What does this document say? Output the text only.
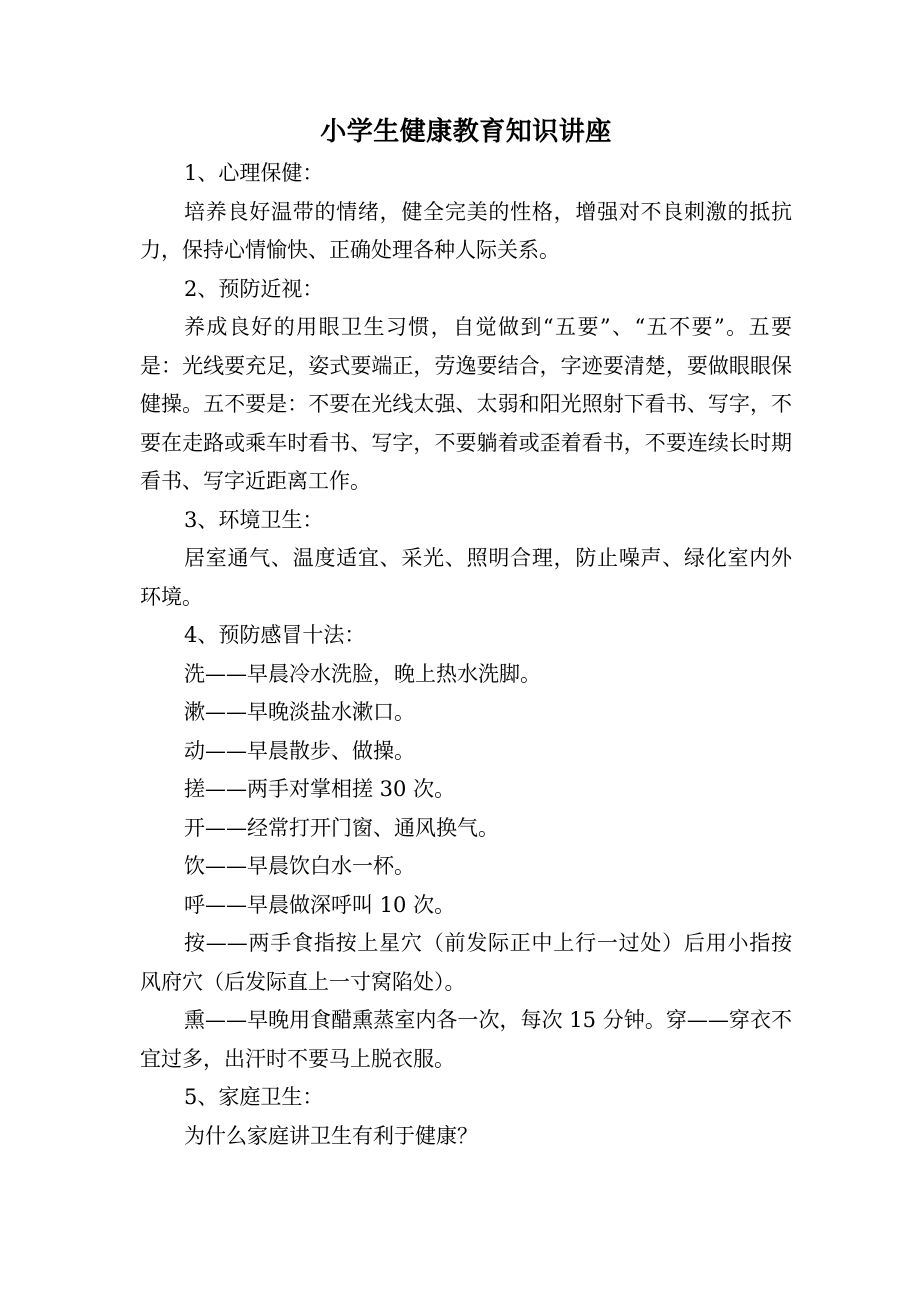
小学生健康教育知识讲座

1、心理保健：

培养良好温带的情绪，健全完美的性格，增强对不良刺激的抵抗力，保持心情愉快、正确处理各种人际关系。

2、预防近视：

养成良好的用眼卫生习惯，自觉做到“五要”、“五不要”。五要是：光线要充足，姿式要端正，劳逸要结合，字迹要清楚，要做眼眼保健操。五不要是：不要在光线太强、太弱和阳光照射下看书、写字，不要在走路或乘车时看书、写字，不要躺着或歪着看书，不要连续长时期看书、写字近距离工作。

3、环境卫生：

居室通气、温度适宜、采光、照明合理，防止噪声、绿化室内外环境。

4、预防感冒十法：

洗——早晨冷水洗脸，晚上热水洗脚。

漱——早晚淡盐水漱口。

动——早晨散步、做操。

搓——两手对掌相搓 30 次。

开——经常打开门窗、通风换气。

饮——早晨饮白水一杯。

呼——早晨做深呼叫 10 次。

按——两手食指按上星穴（前发际正中上行一过处）后用小指按风府穴（后发际直上一寸窝陷处）。

熏——早晚用食醋熏蒸室内各一次，每次 15 分钟。穿——穿衣不宜过多，出汗时不要马上脱衣服。

5、家庭卫生：

为什么家庭讲卫生有利于健康？
